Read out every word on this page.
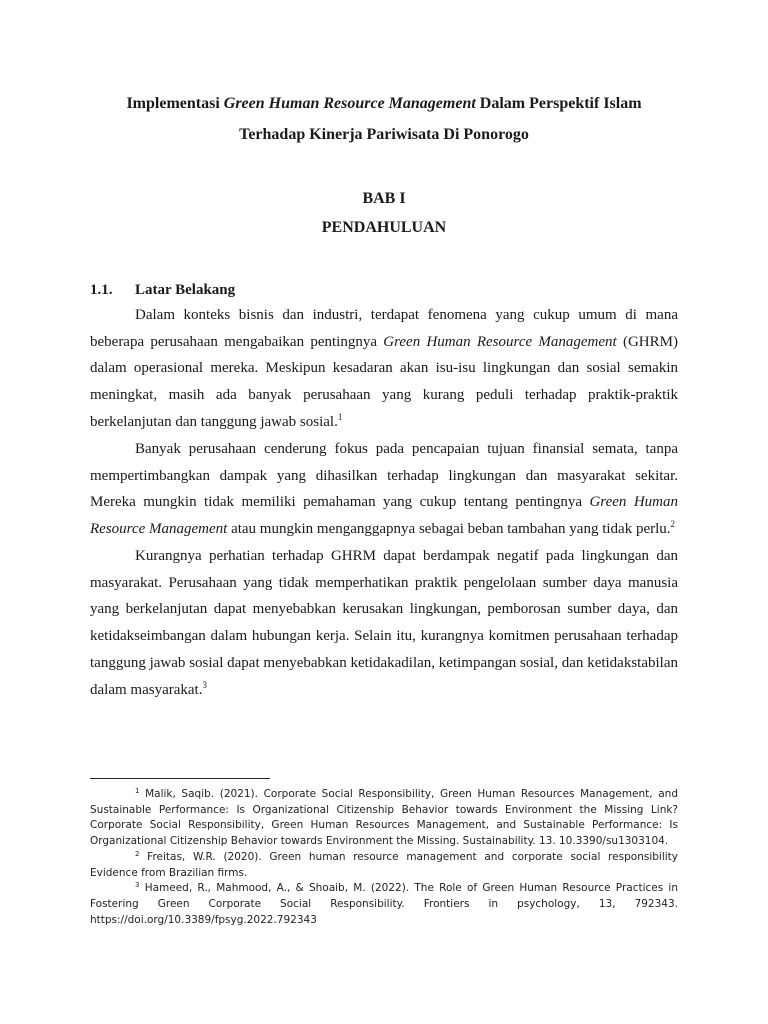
Implementasi Green Human Resource Management Dalam Perspektif Islam
Terhadap Kinerja Pariwisata Di Ponorogo
BAB I
PENDAHULUAN
1.1. Latar Belakang

Dalam konteks bisnis dan industri, terdapat fenomena yang cukup umum di mana beberapa perusahaan mengabaikan pentingnya Green Human Resource Management (GHRM) dalam operasional mereka. Meskipun kesadaran akan isu-isu lingkungan dan sosial semakin meningkat, masih ada banyak perusahaan yang kurang peduli terhadap praktik-praktik berkelanjutan dan tanggung jawab sosial.$^1$

Banyak perusahaan cenderung fokus pada pencapaian tujuan finansial semata, tanpa mempertimbangkan dampak yang dihasilkan terhadap lingkungan dan masyarakat sekitar. Mereka mungkin tidak memiliki pemahaman yang cukup tentang pentingnya Green Human Resource Management atau mungkin menganggapnya sebagai beban tambahan yang tidak perlu.$^2$

Kurangnya perhatian terhadap GHRM dapat berdampak negatif pada lingkungan dan masyarakat. Perusahaan yang tidak memperhatikan praktik pengelolaan sumber daya manusia yang berkelanjutan dapat menyebabkan kerusakan lingkungan, pemborosan sumber daya, dan ketidakseimbangan dalam hubungan kerja. Selain itu, kurangnya komitmen perusahaan terhadap tanggung jawab sosial dapat menyebabkan ketidakadilan, ketimpangan sosial, dan ketidakstabilan dalam masyarakat.$^3$

$^1$ Malik, Saqib. (2021). Corporate Social Responsibility, Green Human Resources Management, and Sustainable Performance: Is Organizational Citizenship Behavior towards Environment the Missing Link? Corporate Social Responsibility, Green Human Resources Management, and Sustainable Performance: Is Organizational Citizenship Behavior towards Environment the Missing. Sustainability. 13. 10.3390/su1303104.

$^2$ Freitas, W.R. (2020). Green human resource management and corporate social responsibility Evidence from Brazilian firms.

$^3$ Hameed, R., Mahmood, A., & Shoaib, M. (2022). The Role of Green Human Resource Practices in Fostering Green Corporate Social Responsibility. Frontiers in psychology, 13, 792343.
https://doi.org/10.3389/fpsyg.2022.792343
